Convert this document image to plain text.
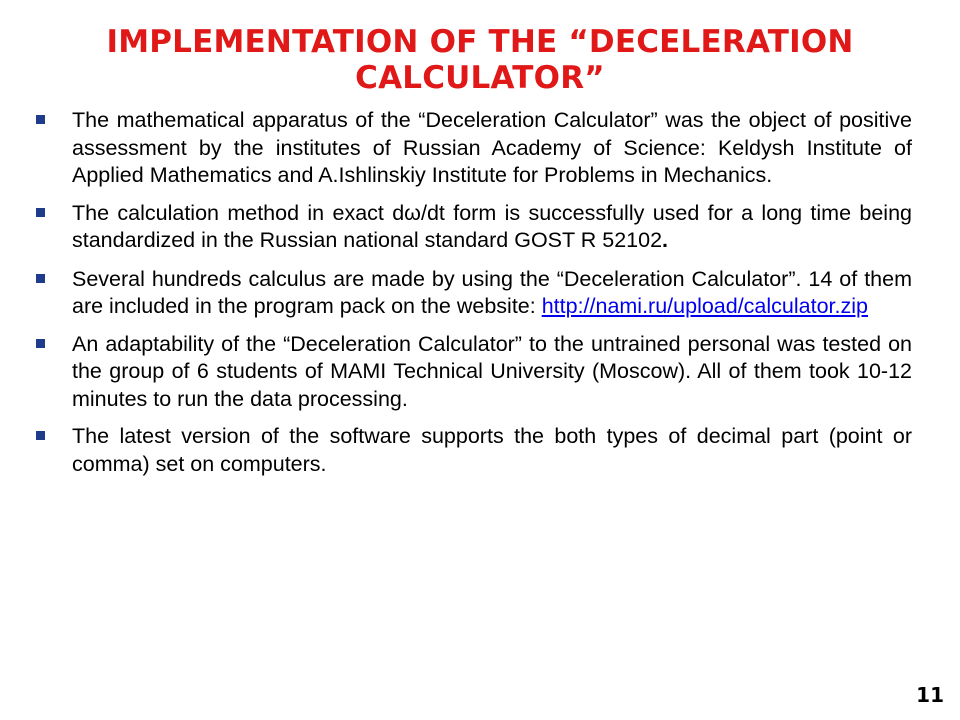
IMPLEMENTATION OF THE “DECELERATION CALCULATOR”
The mathematical apparatus of the “Deceleration Calculator” was the object of positive assessment by the institutes of Russian Academy of Science: Keldysh Institute of Applied Mathematics and A.Ishlinskiy Institute for Problems in Mechanics.
The calculation method in exact dω/dt form is successfully used for a long time being standardized in the Russian national standard GOST R 52102.
Several hundreds calculus are made by using the “Deceleration Calculator”. 14 of them are included in the program pack on the website: http://nami.ru/upload/calculator.zip
An adaptability of the “Deceleration Calculator” to the untrained personal was tested on the group of 6 students of MAMI Technical University (Moscow). All of them took 10-12 minutes to run the data processing.
The latest version of the software supports the both types of decimal part (point or comma) set on computers.

11
